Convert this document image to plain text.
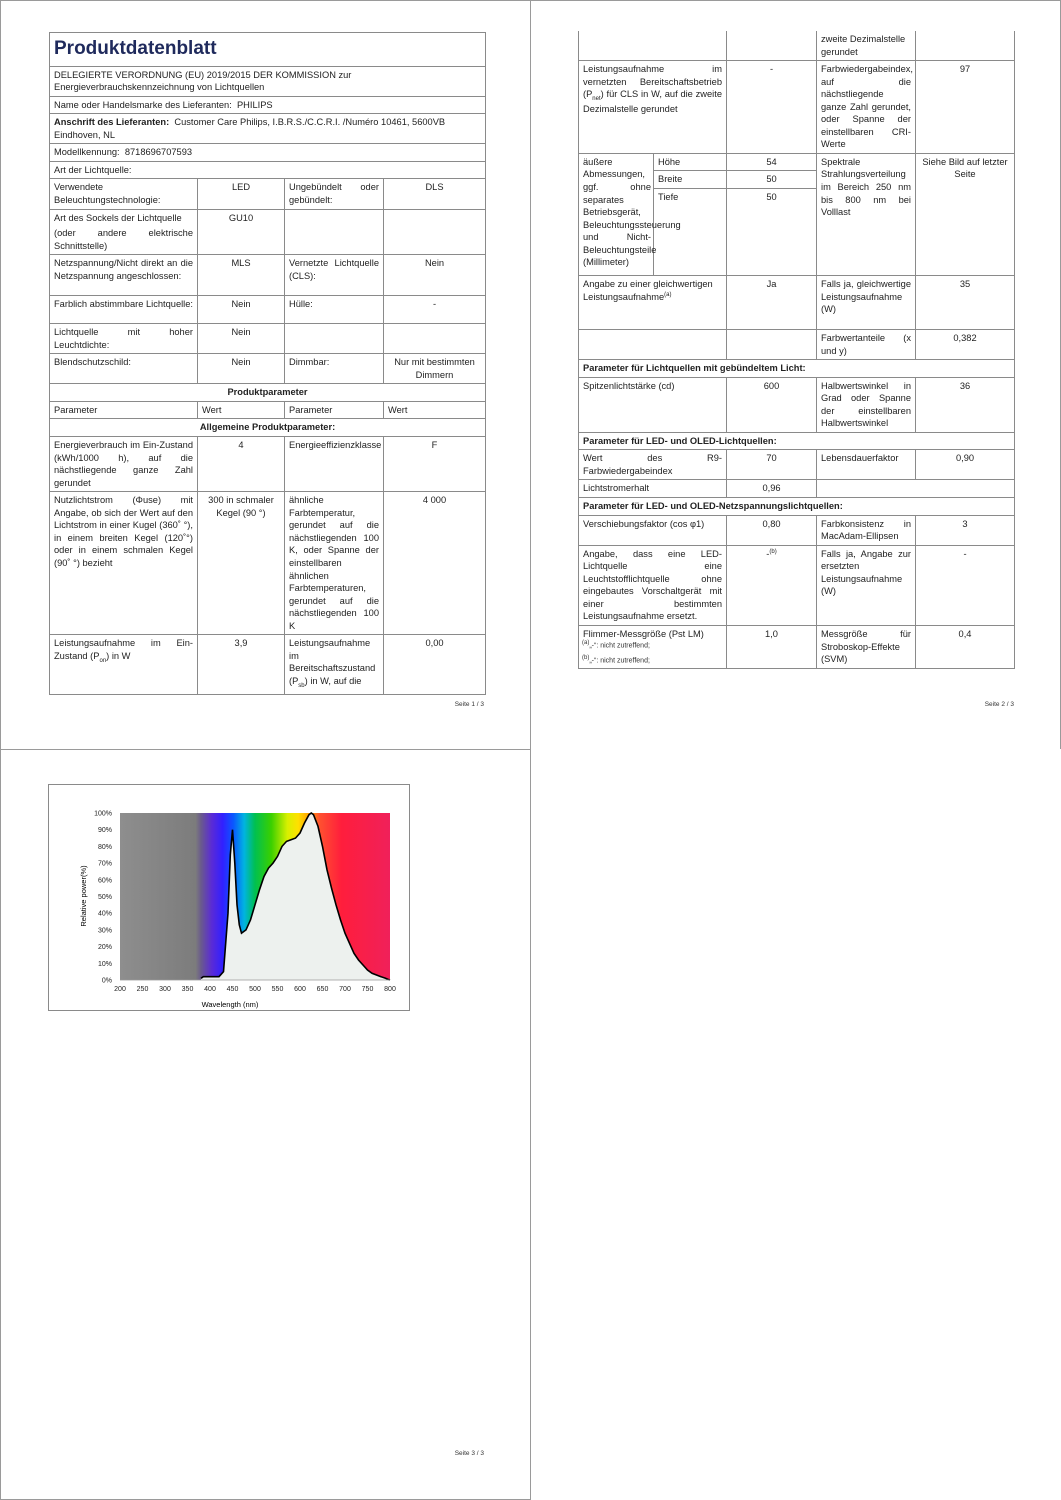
Produktdatenblatt			
DELEGIERTE VERORDNUNG (EU) 2019/2015 DER KOMMISSION zur Energieverbrauchskennzeichnung von Lichtquellen			
Name oder Handelsmarke des Lieferanten: PHILIPS			
Anschrift des Lieferanten: Customer Care Philips, I.B.R.S./C.C.R.I. /Numéro 10461, 5600VB Eindhoven, NL			
Modellkennung: 8718696707593			
Art der Lichtquelle:			
Verwendete Beleuchtungstechnologie:	LED	Ungebündelt oder gebündelt:	DLS

Art des Sockels der Lichtquelle
(oder andere elektrische Schnittstelle)	GU10		
Netzspannung/Nicht direkt an die Netzspannung angeschlossen:	MLS	Vernetzte Lichtquelle (CLS):	Nein
Farblich abstimmbare Lichtquelle:	Nein	Hülle:	-
Lichtquelle mit hoher Leuchtdichte:	Nein		
Blendschutzschild:	Nein	Dimmbar:	Nur mit bestimmten Dimmern
Produktparameter			
Parameter	Wert	Parameter	Wert
Allgemeine Produktparameter:			
Energieverbrauch im Ein-Zustand (kWh/1000 h), auf die nächstliegende ganze Zahl gerundet	4	Energieeffizienzklasse	F
Nutzlichtstrom (Φuse) mit Angabe, ob sich der Wert auf den Lichtstrom in einer Kugel (360˚ °), in einem breiten Kegel (120˚°) oder in einem schmalen Kegel (90˚ °) bezieht	300 in schmaler Kegel (90 °)	ähnliche Farbtemperatur, gerundet auf die nächstliegenden 100 K, oder Spanne der einstellbaren ähnlichen Farbtemperaturen, gerundet auf die nächstliegenden 100 K	4 000
Leistungsaufnahme im Ein-Zustand $(P_{on})$ in W	3,9	Leistungsaufnahme im Bereitschaftszustand $(P_{sb})$ in W, auf die	0,00
Seite 1 / 3	Seite 2 / 3
			zweite Dezimalstelle gerundet	
Leistungsaufnahme im vernetzten Bereitschaftsbetrieb $(P_{net})$ für CLS in W, auf die zweite Dezimalstelle gerundet		-	Farbwiedergabeindex, auf die nächstliegende ganze Zahl gerundet, oder Spanne der einstellbaren CRI-Werte	97
äußere Abmessungen, ggf. ohne separates Betriebsgerät, Beleuchtungssteuerung und Nicht-Beleuchtungsteile (Millimeter)	Höhe	54	Spektrale Strahlungsverteilung im Bereich 250 nm bis 800 nm bei Volllast	Siehe Bild auf letzter Seite
	Breite	50		
	Tiefe	50		
Angabe zu einer gleichwertigen Leistungsaufnahme$^{(a)}$		Ja	Falls ja, gleichwertige Leistungsaufnahme (W)	35
			Farbwertanteile (x und y)	0,382
Parameter für Lichtquellen mit gebündeltem Licht:				
Spitzenlichtstärke (cd)		600	Halbwertswinkel in Grad oder Spanne der einstellbaren Halbwertswinkel	36
Parameter für LED- und OLED-Lichtquellen:				
Wert des R9-Farbwiedergabeindex		70	Lebensdauerfaktor	0,90
Lichtstromerhalt		0,96		
Parameter für LED- und OLED-Netzspannungslichtquellen:				
Verschiebungsfaktor (cos φ1)		0,80	Farbkonsistenz in MacAdam-Ellipsen	3
Angabe, dass eine LED-Lichtquelle eine Leuchtstofflichtquelle ohne eingebautes Vorschaltgerät mit einer bestimmten Leistungsaufnahme ersetzt.		-$^{(b)}$	Falls ja, Angabe zur ersetzten Leistungsaufnahme (W)	-
Flimmer-Messgröße (Pst LM)		1,0	Messgröße für Stroboskop-Effekte (SVM)	0,4
$^{(a)}$„-“: nicht zutreffend;
$^{(b)}$„-“: nicht zutreffend;
Seite 3 / 3
200 250 300 350 400 450 500 550 600 650 700 750 800
0%
10%
20%
30%
40%
50%
60%
70%
80%
90%
100%
Wavelength (nm)
Relative power(%)
